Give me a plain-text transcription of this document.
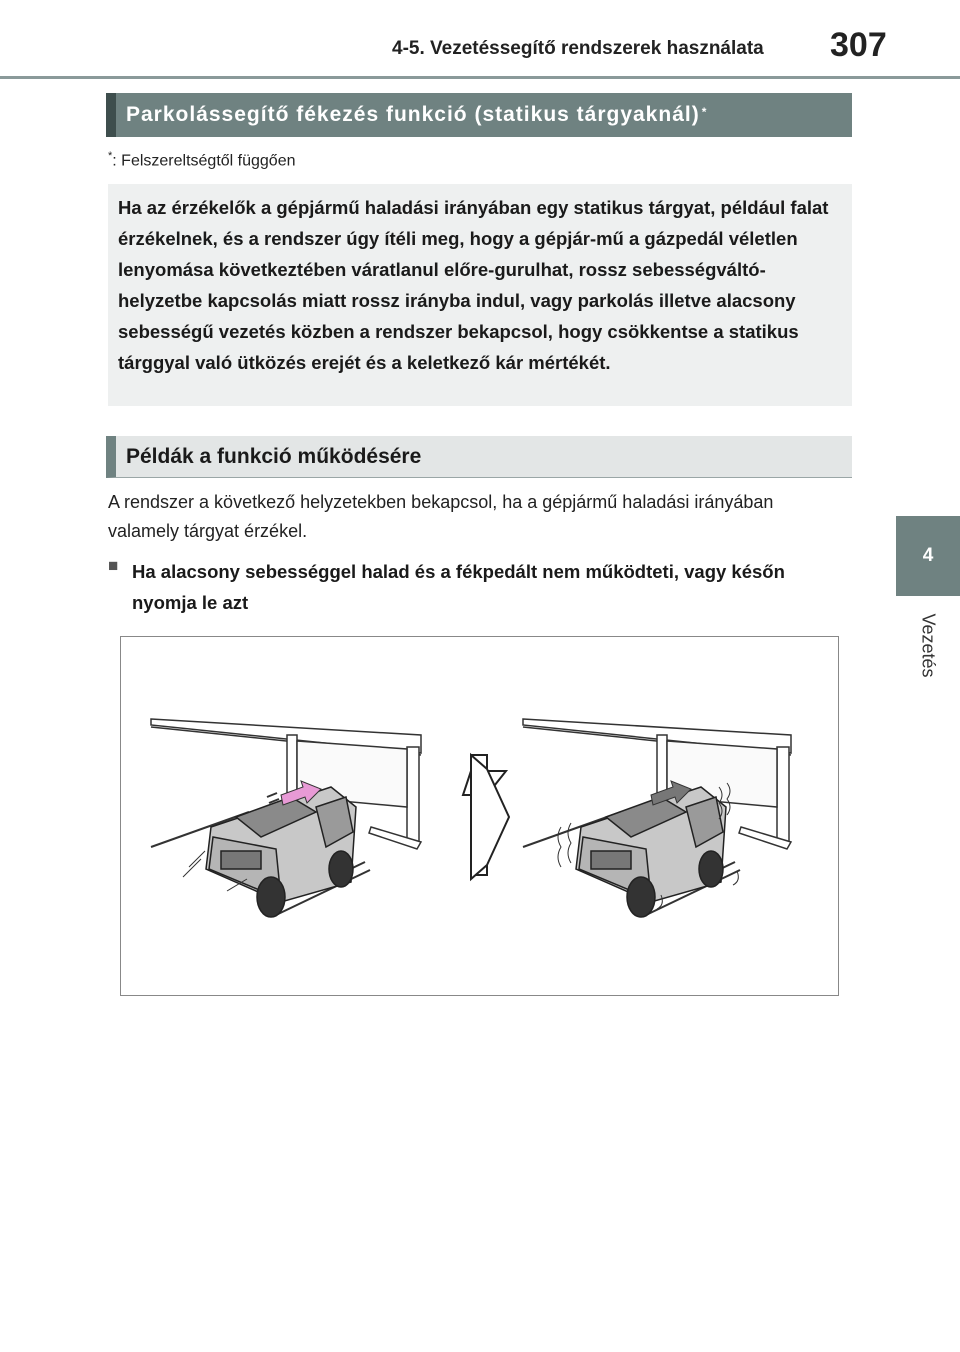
4-5. Vezetéssegítő rendszerek használata 307
4
Vezetés
Parkolássegítő fékezés funkció (statikus tárgyaknál)*
*: Felszereltségtől függően
Ha az érzékelők a gépjármű haladási irányában egy statikus tárgyat, például falat érzékelnek, és a rendszer úgy ítéli meg, hogy a gépjár-mű a gázpedál véletlen lenyomása következtében váratlanul előre-gurulhat, rossz sebességváltó-helyzetbe kapcsolás miatt rossz irányba indul, vagy parkolás illetve alacsony sebességű vezetés közben a rendszer bekapcsol, hogy csökkentse a statikus tárggyal való ütközés erejét és a keletkező kár mértékét.
Példák a funkció működésére
A rendszer a következő helyzetekben bekapcsol, ha a gépjármű haladási irányában valamely tárgyat érzékel.
■ Ha alacsony sebességgel halad és a fékpedált nem működteti, vagy későn nyomja le azt
